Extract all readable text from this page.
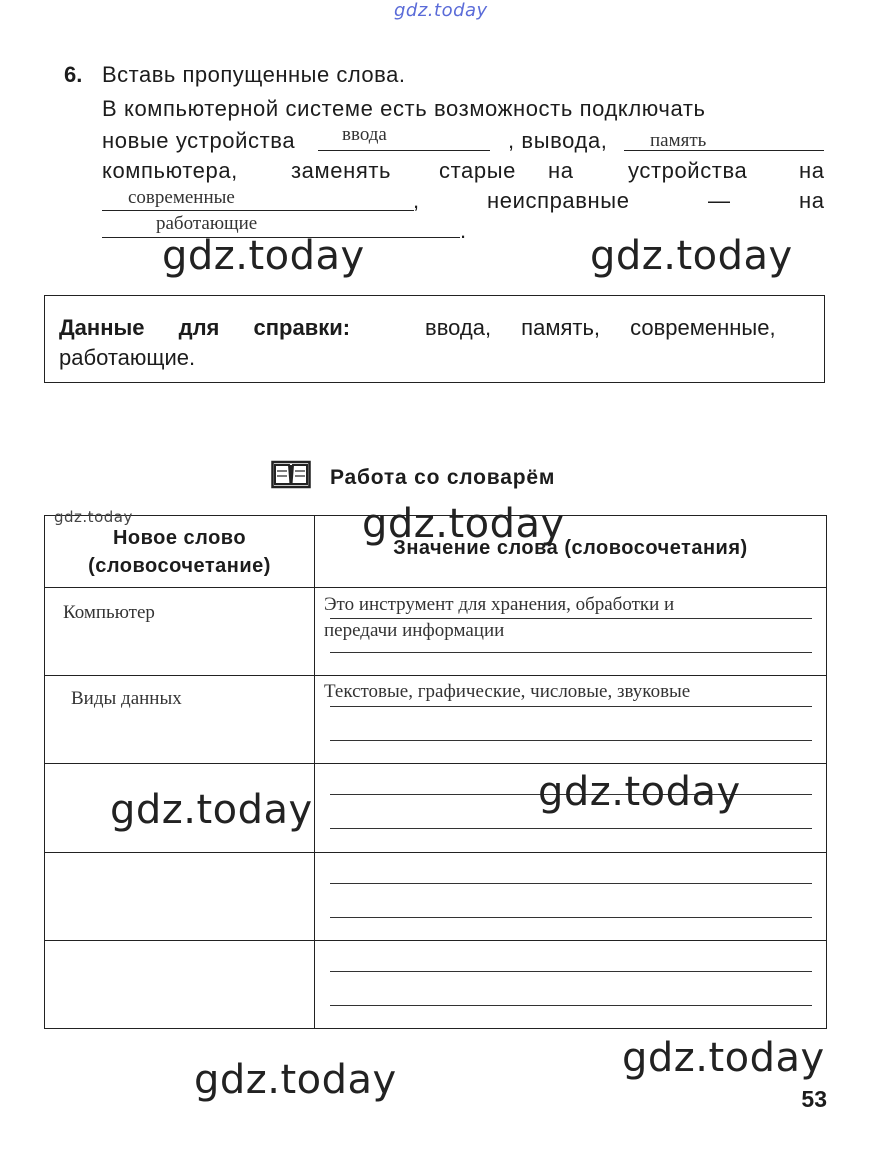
gdz.today
6. Вставь пропущенные слова.
В компьютерной системе есть возможность подключать
новые устройства ввода	, вывода, память
компьютера, заменять старые на устройства на
современные	,	неисправные	—	на
работающие	.
gdz.today	gdz.today
Данные для справки:	ввода, память, современные,
работающие.
Работа со словарём
Новое слово
(словосочетание)	Значение слова (словосочетания)

Компьютер	Это инструмент для хранения, обработки и
передачи информации

Виды данных	Текстовые, графические, числовые, звуковые

gdz.today	gdz.today
gdz.today
gdz.today
gdz.today
gdz.today	53
